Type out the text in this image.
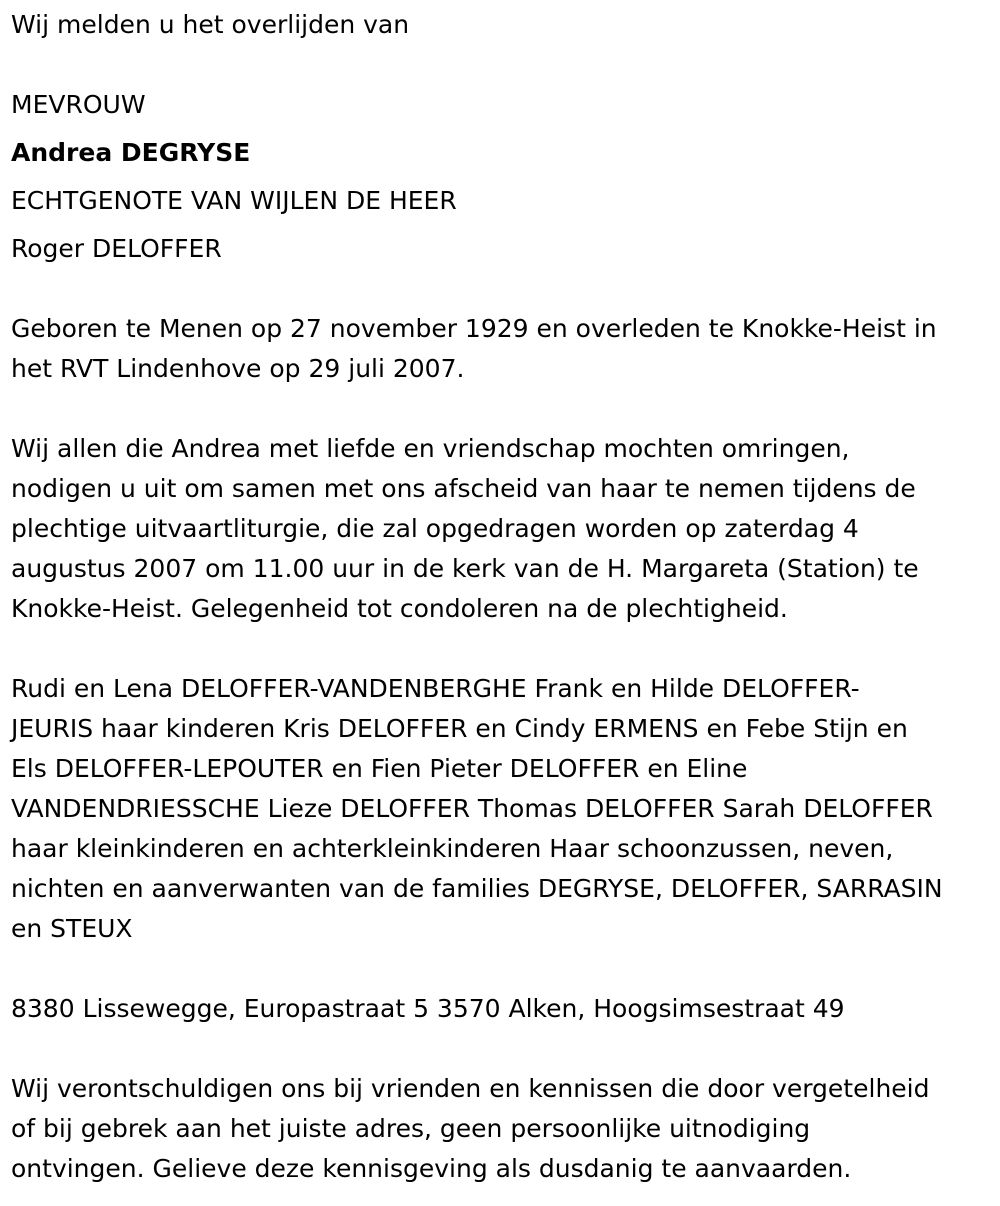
Wij melden u het overlijden van
MEVROUW
Andrea DEGRYSE
ECHTGENOTE VAN WIJLEN DE HEER
Roger DELOFFER
Geboren te Menen op 27 november 1929 en overleden te Knokke-Heist in
het RVT Lindenhove op 29 juli 2007.
Wij allen die Andrea met liefde en vriendschap mochten omringen,
nodigen u uit om samen met ons afscheid van haar te nemen tijdens de
plechtige uitvaartliturgie, die zal opgedragen worden op zaterdag 4
augustus 2007 om 11.00 uur in de kerk van de H. Margareta (Station) te
Knokke-Heist. Gelegenheid tot condoleren na de plechtigheid.
Rudi en Lena DELOFFER-VANDENBERGHE Frank en Hilde DELOFFER-
JEURIS haar kinderen Kris DELOFFER en Cindy ERMENS en Febe Stijn en
Els DELOFFER-LEPOUTER en Fien Pieter DELOFFER en Eline
VANDENDRIESSCHE Lieze DELOFFER Thomas DELOFFER Sarah DELOFFER
haar kleinkinderen en achterkleinkinderen Haar schoonzussen, neven,
nichten en aanverwanten van de families DEGRYSE, DELOFFER, SARRASIN
en STEUX
8380 Lissewegge, Europastraat 5 3570 Alken, Hoogsimsestraat 49
Wij verontschuldigen ons bij vrienden en kennissen die door vergetelheid
of bij gebrek aan het juiste adres, geen persoonlijke uitnodiging
ontvingen. Gelieve deze kennisgeving als dusdanig te aanvaarden.
